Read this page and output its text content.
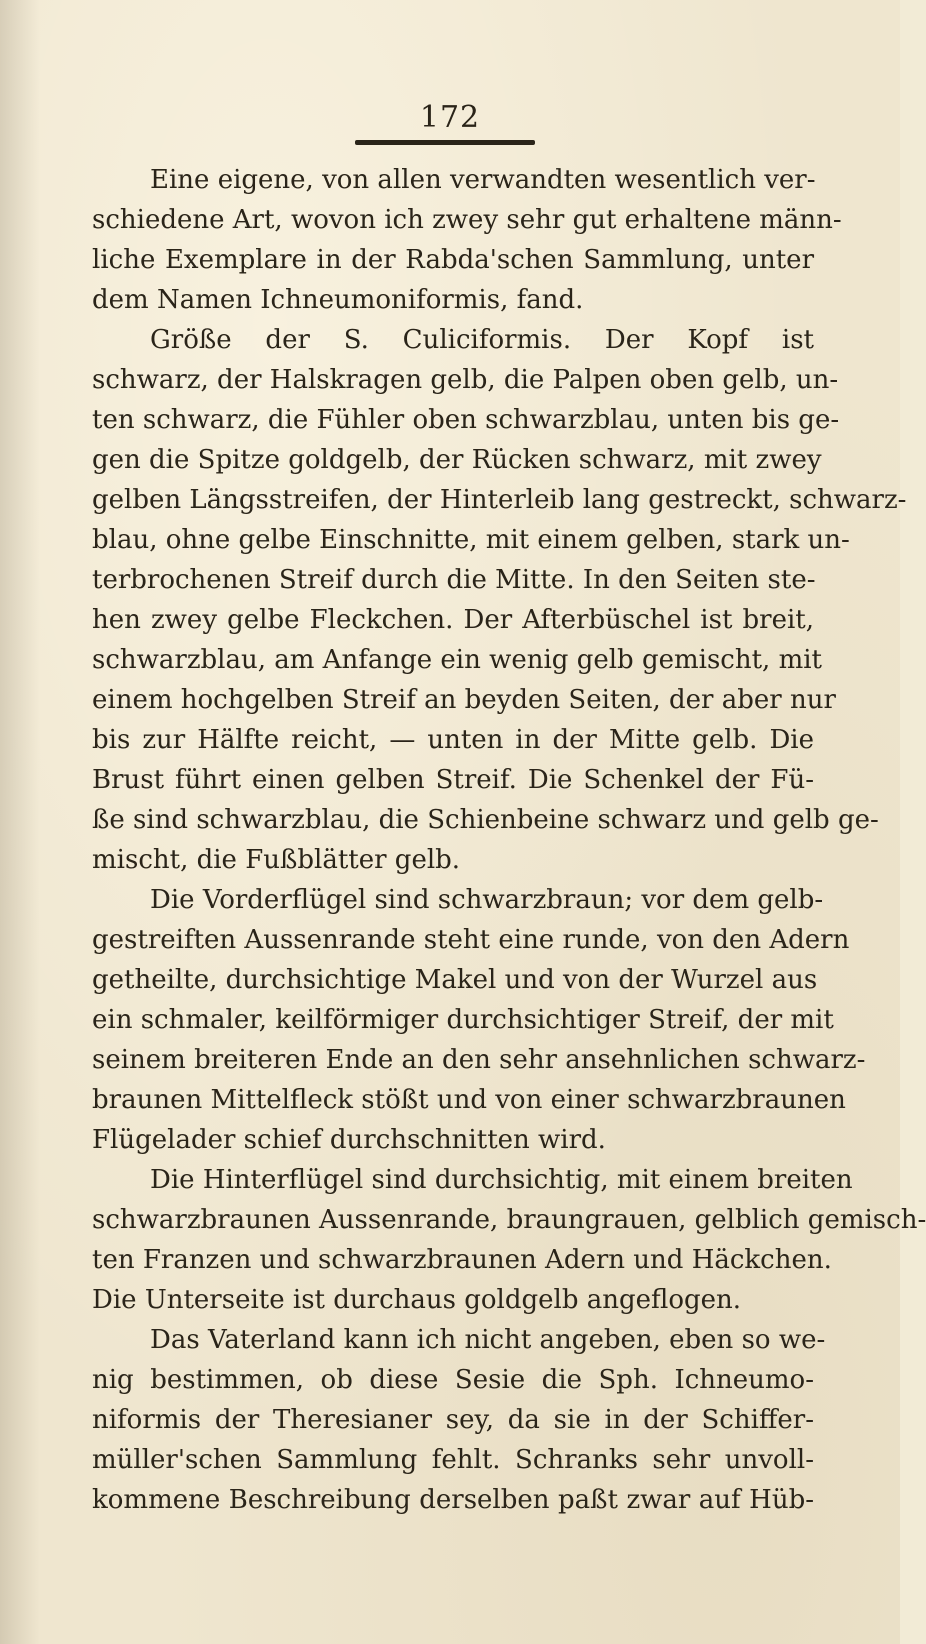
172
Eine eigene, von allen verwandten wesentlich ver-
schiedene Art, wovon ich zwey sehr gut erhaltene männ-
liche Exemplare in der Rabda'schen Sammlung, unter
dem Namen Ichneumoniformis, fand.
Größe der S. Culiciformis. Der Kopf ist
schwarz, der Halskragen gelb, die Palpen oben gelb, un-
ten schwarz, die Fühler oben schwarzblau, unten bis ge-
gen die Spitze goldgelb, der Rücken schwarz, mit zwey
gelben Längsstreifen, der Hinterleib lang gestreckt, schwarz-
blau, ohne gelbe Einschnitte, mit einem gelben, stark un-
terbrochenen Streif durch die Mitte. In den Seiten ste-
hen zwey gelbe Fleckchen. Der Afterbüschel ist breit,
schwarzblau, am Anfange ein wenig gelb gemischt, mit
einem hochgelben Streif an beyden Seiten, der aber nur
bis zur Hälfte reicht, — unten in der Mitte gelb. Die
Brust führt einen gelben Streif. Die Schenkel der Fü-
ße sind schwarzblau, die Schienbeine schwarz und gelb ge-
mischt, die Fußblätter gelb.
Die Vorderflügel sind schwarzbraun; vor dem gelb-
gestreiften Aussenrande steht eine runde, von den Adern
getheilte, durchsichtige Makel und von der Wurzel aus
ein schmaler, keilförmiger durchsichtiger Streif, der mit
seinem breiteren Ende an den sehr ansehnlichen schwarz-
braunen Mittelfleck stößt und von einer schwarzbraunen
Flügelader schief durchschnitten wird.
Die Hinterflügel sind durchsichtig, mit einem breiten
schwarzbraunen Aussenrande, braungrauen, gelblich gemisch-
ten Franzen und schwarzbraunen Adern und Häckchen.
Die Unterseite ist durchaus goldgelb angeflogen.
Das Vaterland kann ich nicht angeben, eben so we-
nig bestimmen, ob diese Sesie die Sph. Ichneumo-
niformis der Theresianer sey, da sie in der Schiffer-
müller'schen Sammlung fehlt. Schranks sehr unvoll-
kommene Beschreibung derselben paßt zwar auf Hüb-
